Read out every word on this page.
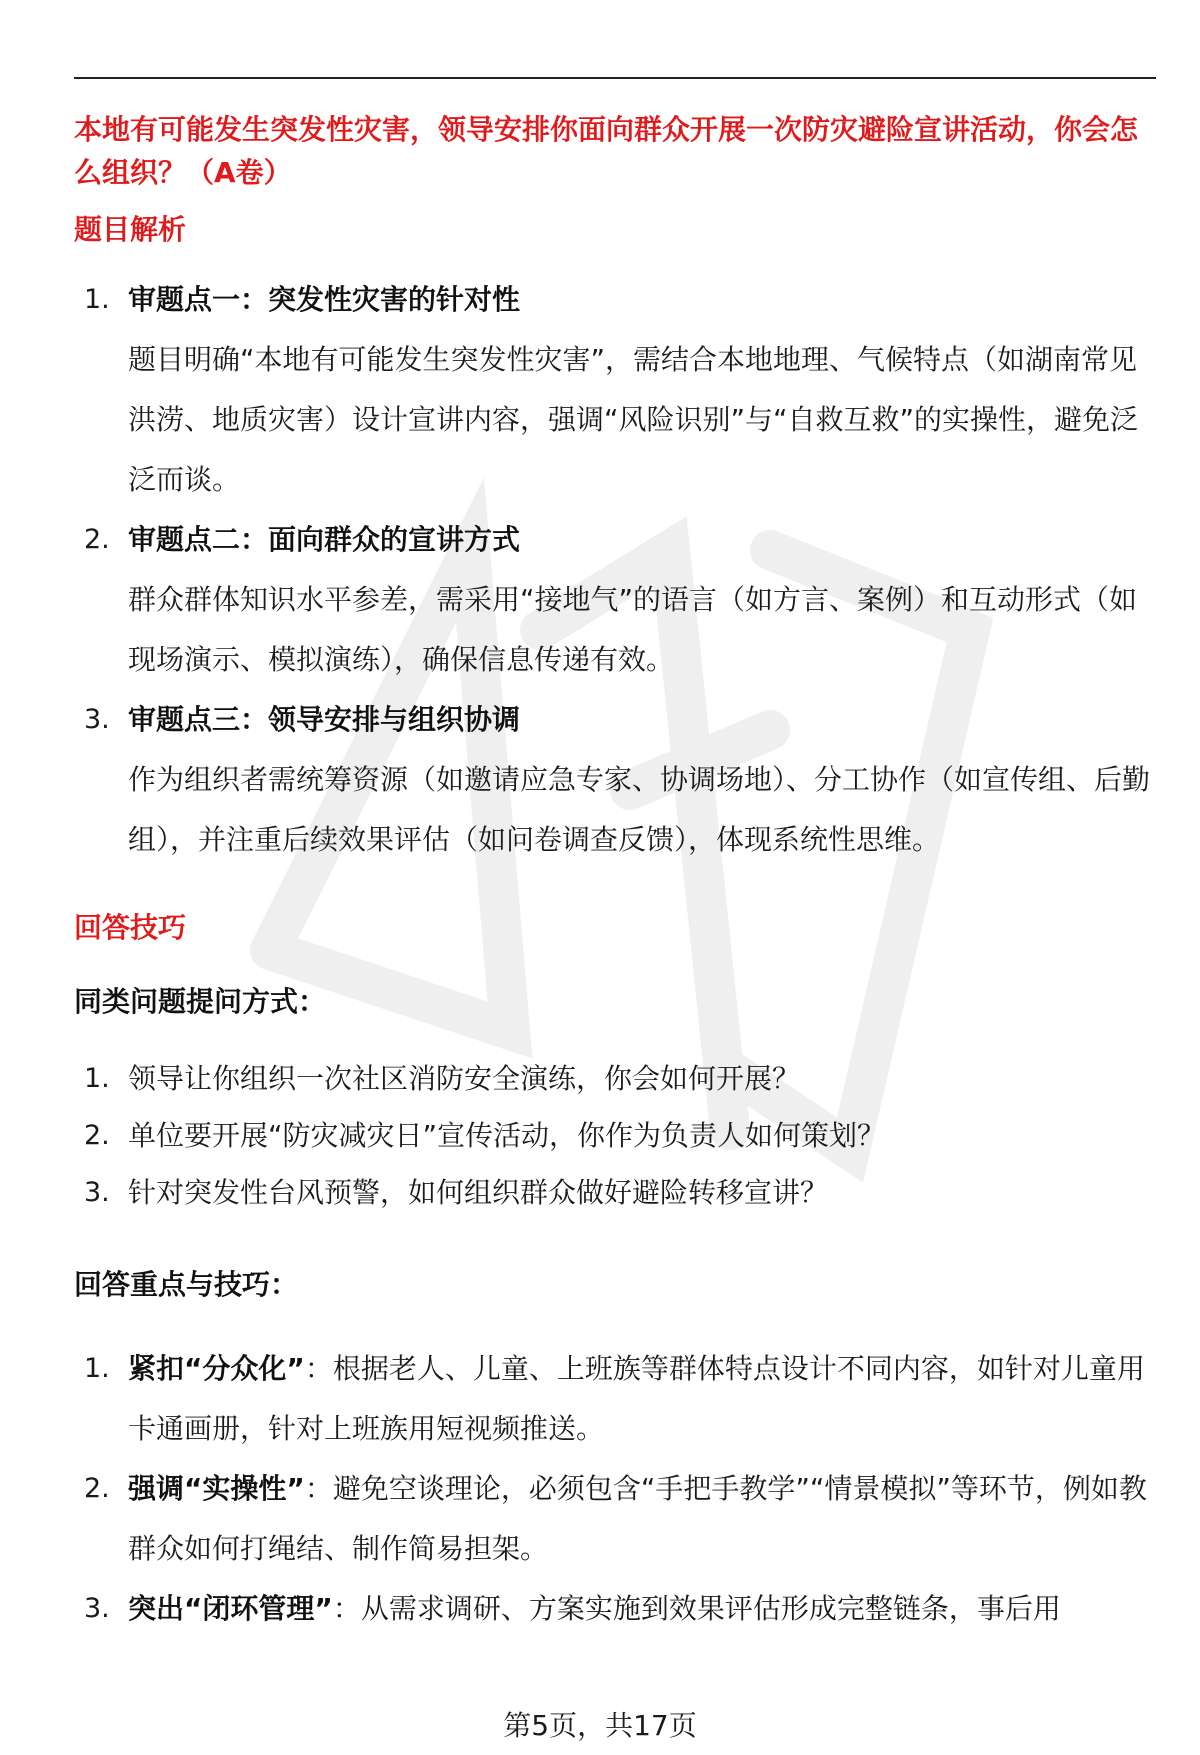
本地有可能发生突发性灾害，领导安排你面向群众开展一次防灾避险宣讲活动，你会怎么组织？（A卷）

题目解析
1. 审题点一：突发性灾害的针对性
题目明确“本地有可能发生突发性灾害”，需结合本地地理、气候特点（如湖南常见洪涝、地质灾害）设计宣讲内容，强调“风险识别”与“自救互救”的实操性，避免泛泛而谈。
2. 审题点二：面向群众的宣讲方式
群众群体知识水平参差，需采用“接地气”的语言（如方言、案例）和互动形式（如现场演示、模拟演练），确保信息传递有效。
3. 审题点三：领导安排与组织协调
作为组织者需统筹资源（如邀请应急专家、协调场地）、分工协作（如宣传组、后勤组），并注重后续效果评估（如问卷调查反馈），体现系统性思维。
回答技巧
同类问题提问方式：
1. 领导让你组织一次社区消防安全演练，你会如何开展？
2. 单位要开展“防灾减灾日”宣传活动，你作为负责人如何策划？
3. 针对突发性台风预警，如何组织群众做好避险转移宣讲？
回答重点与技巧：
1. 紧扣“分众化”：根据老人、儿童、上班族等群体特点设计不同内容，如针对儿童用卡通画册，针对上班族用短视频推送。
2. 强调“实操性”：避免空谈理论，必须包含“手把手教学”“情景模拟”等环节，例如教群众如何打绳结、制作简易担架。
3. 突出“闭环管理”：从需求调研、方案实施到效果评估形成完整链条，事后用
第5页，共17页
